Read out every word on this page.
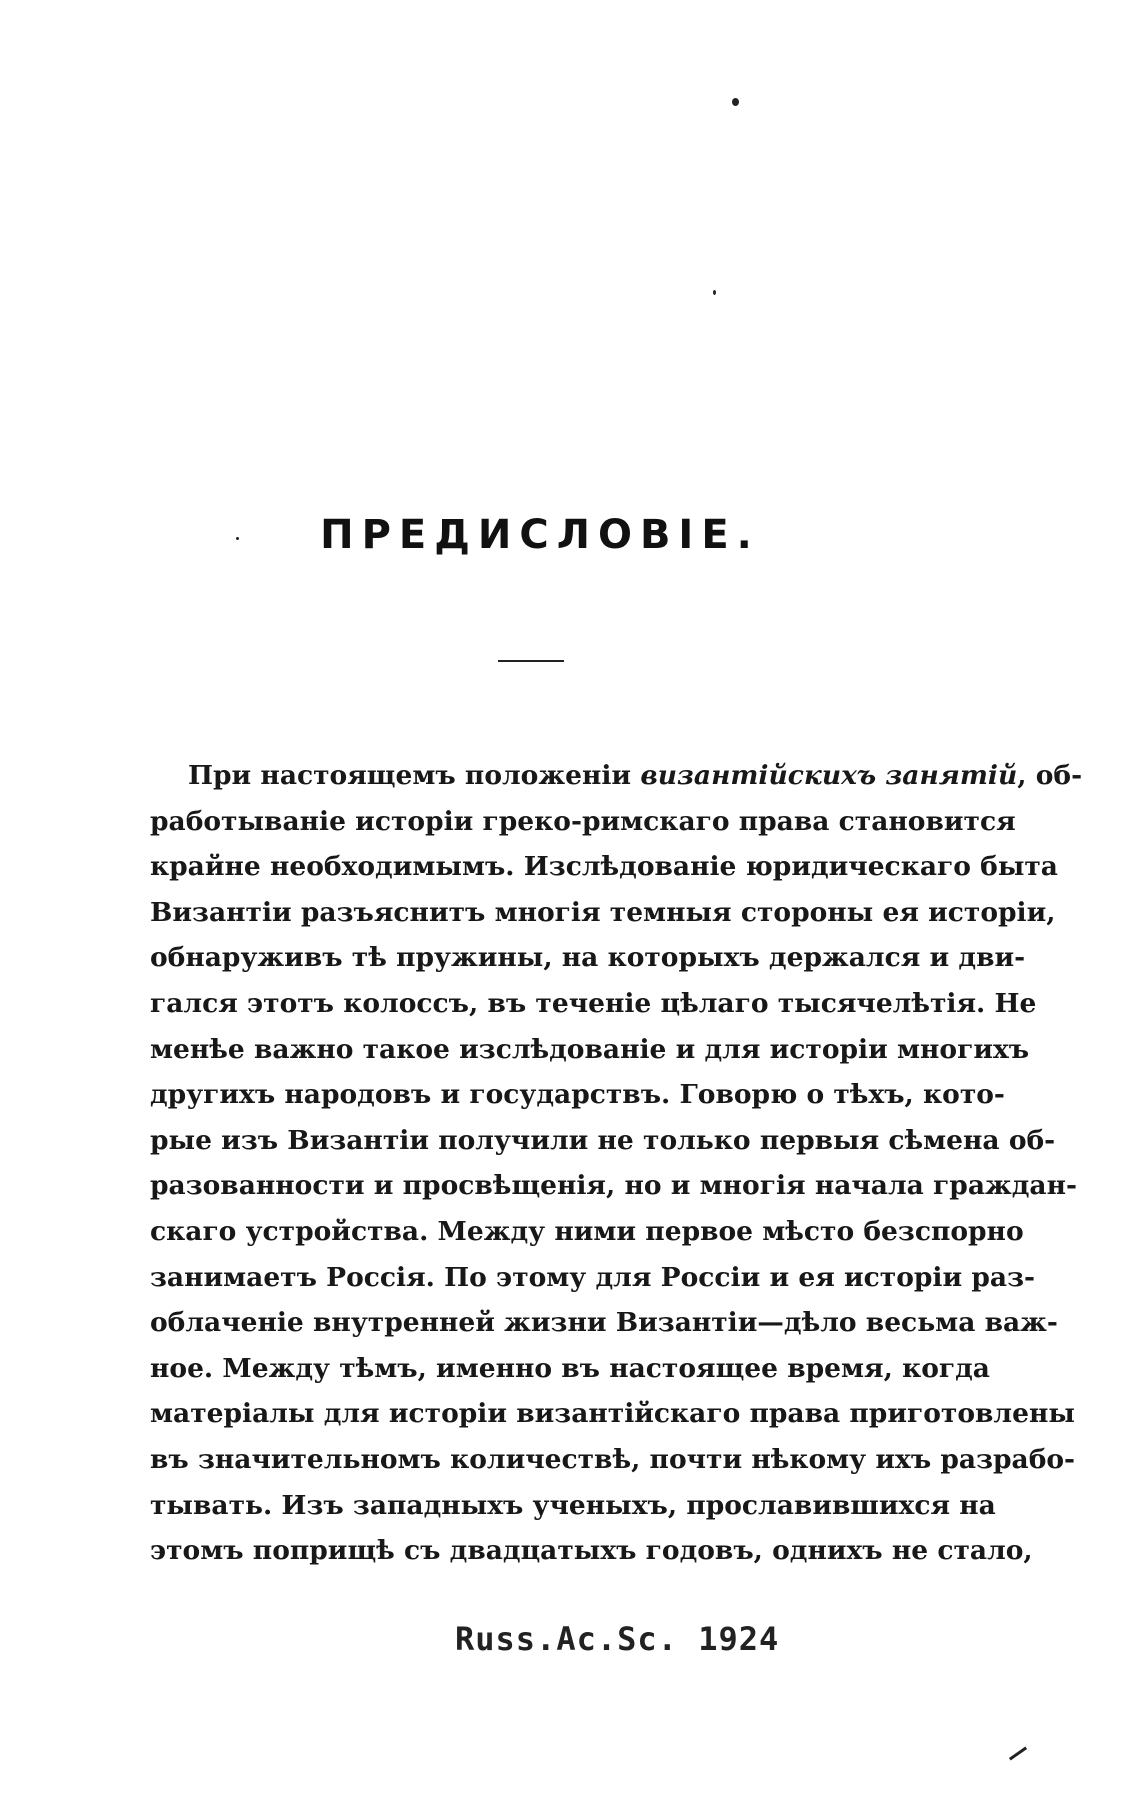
ПРЕДИСЛОВІЕ.
При настоящемъ положеніи византійскихъ занятій, об-
работываніе исторіи греко-римскаго права становится
крайне необходимымъ. Изслѣдованіе юридическаго быта
Византіи разъяснитъ многія темныя стороны ея исторіи,
обнаруживъ тѣ пружины, на которыхъ держался и дви-
гался этотъ колоссъ, въ теченіе цѣлаго тысячелѣтія. Не
менѣе важно такое изслѣдованіе и для исторіи многихъ
другихъ народовъ и государствъ. Говорю о тѣхъ, кото-
рые изъ Византіи получили не только первыя сѣмена об-
разованности и просвѣщенія, но и многія начала граждан-
скаго устройства. Между ними первое мѣсто безспорно
занимаетъ Россія. По этому для Россіи и ея исторіи раз-
облаченіе внутренней жизни Византіи—дѣло весьма важ-
ное. Между тѣмъ, именно въ настоящее время, когда
матеріалы для исторіи византійскаго права приготовлены
въ значительномъ количествѣ, почти нѣкому ихъ разрабо-
тывать. Изъ западныхъ ученыхъ, прославившихся на
этомъ поприщѣ съ двадцатыхъ годовъ, однихъ не стало,
Russ.Ac.Sc. 1924
